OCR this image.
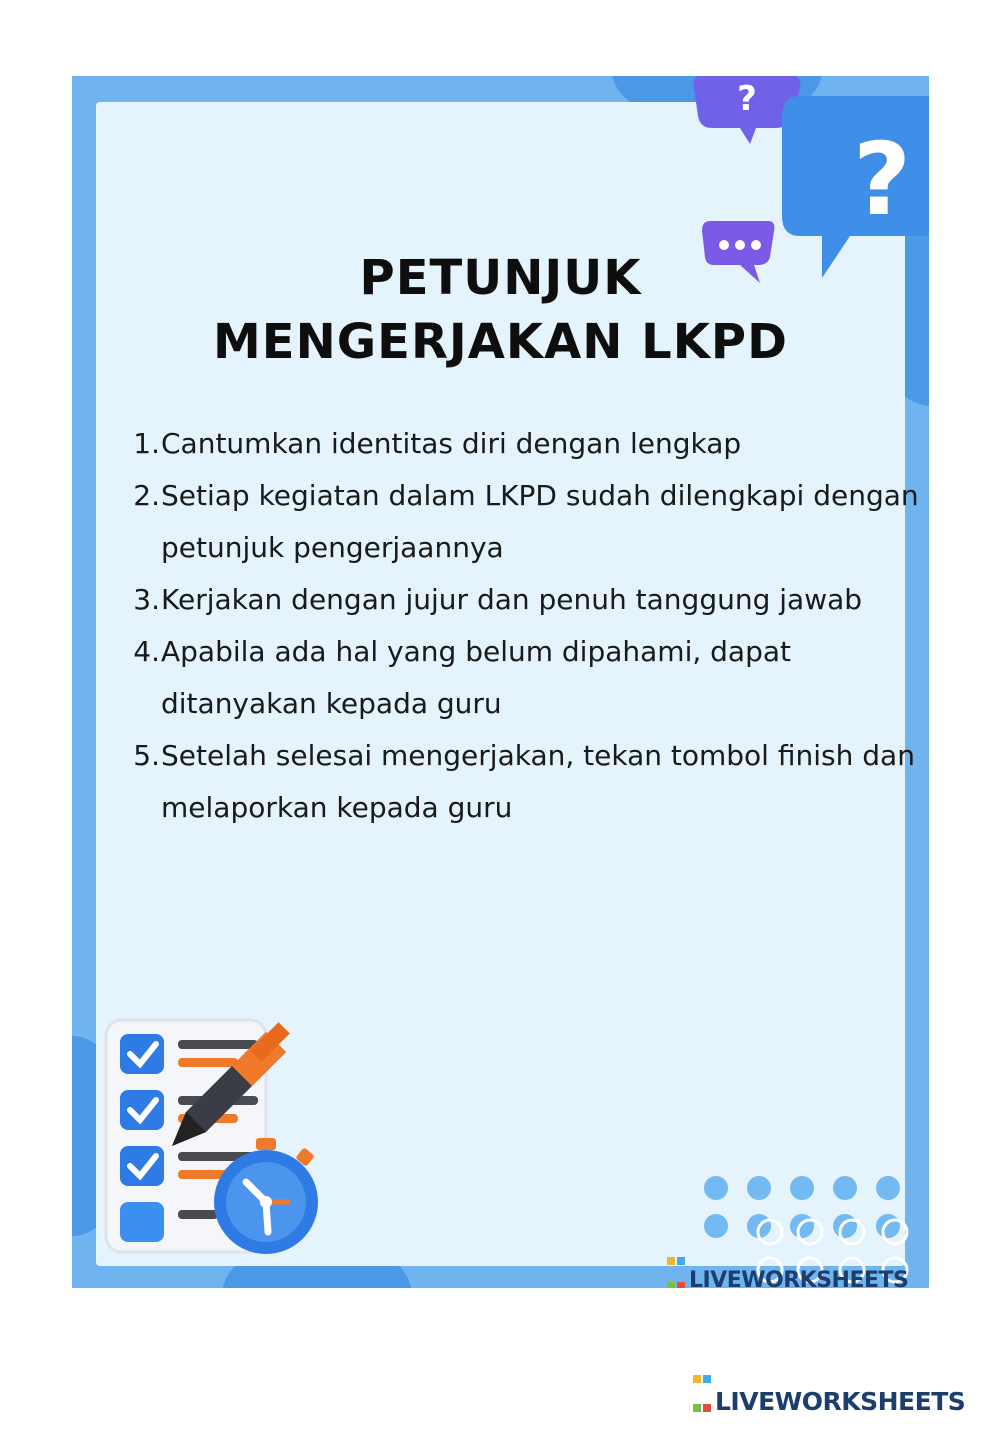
?
?
PETUNJUK
MENGERJAKAN LKPD
1. Cantumkan identitas diri dengan lengkap
2. Setiap kegiatan dalam LKPD sudah dilengkapi dengan petunjuk pengerjaannya
3. Kerjakan dengan jujur dan penuh tanggung jawab
4. Apabila ada hal yang belum dipahami, dapat ditanyakan kepada guru
5. Setelah selesai mengerjakan, tekan tombol finish dan melaporkan kepada guru

LIVEWORKSHEETS

LIVEWORKSHEETS
